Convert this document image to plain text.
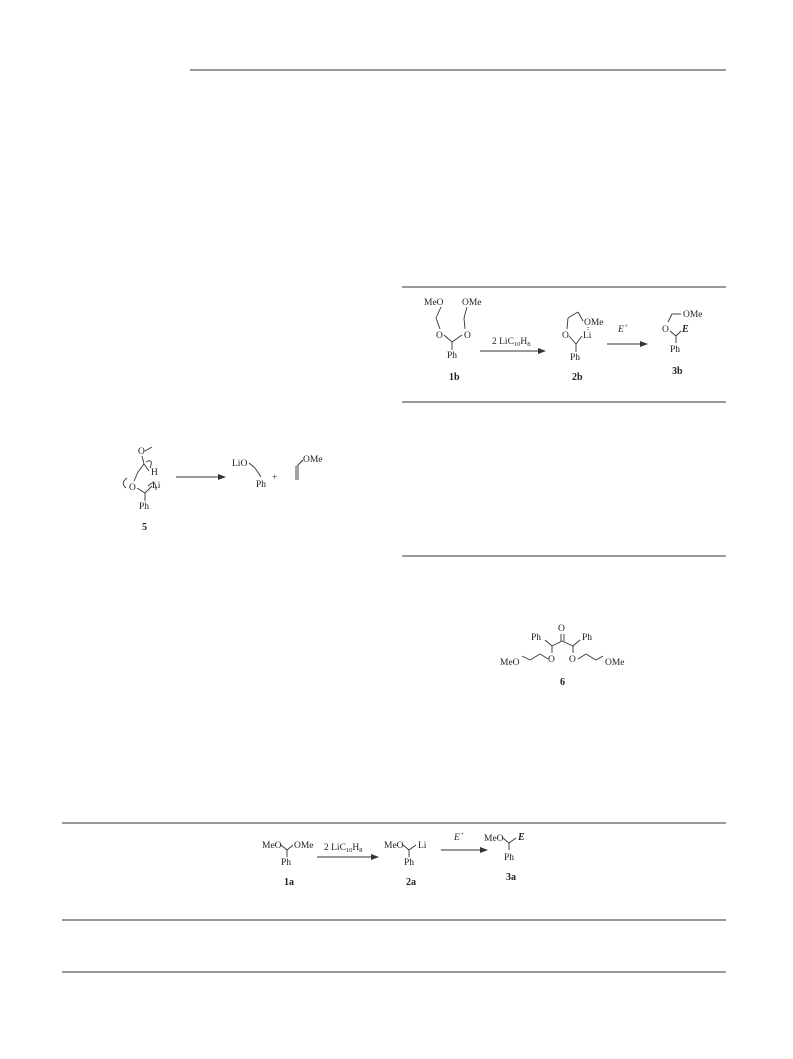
MeO OMe
O O
Ph
1b
2 $LiC_{10}H_8$
OMe
O Li
Ph
2b
E+
OMe
O E
Ph
3b
O
H
O Li
Ph
5
LiO
Ph
+
OMe
O
Ph	Ph
O O
MeO	OMe
6
MeO OMe
Ph
1a
2 $LiC_{10}H_8$ MeO Li
Ph
2a
E+ MeO E
Ph
3a
